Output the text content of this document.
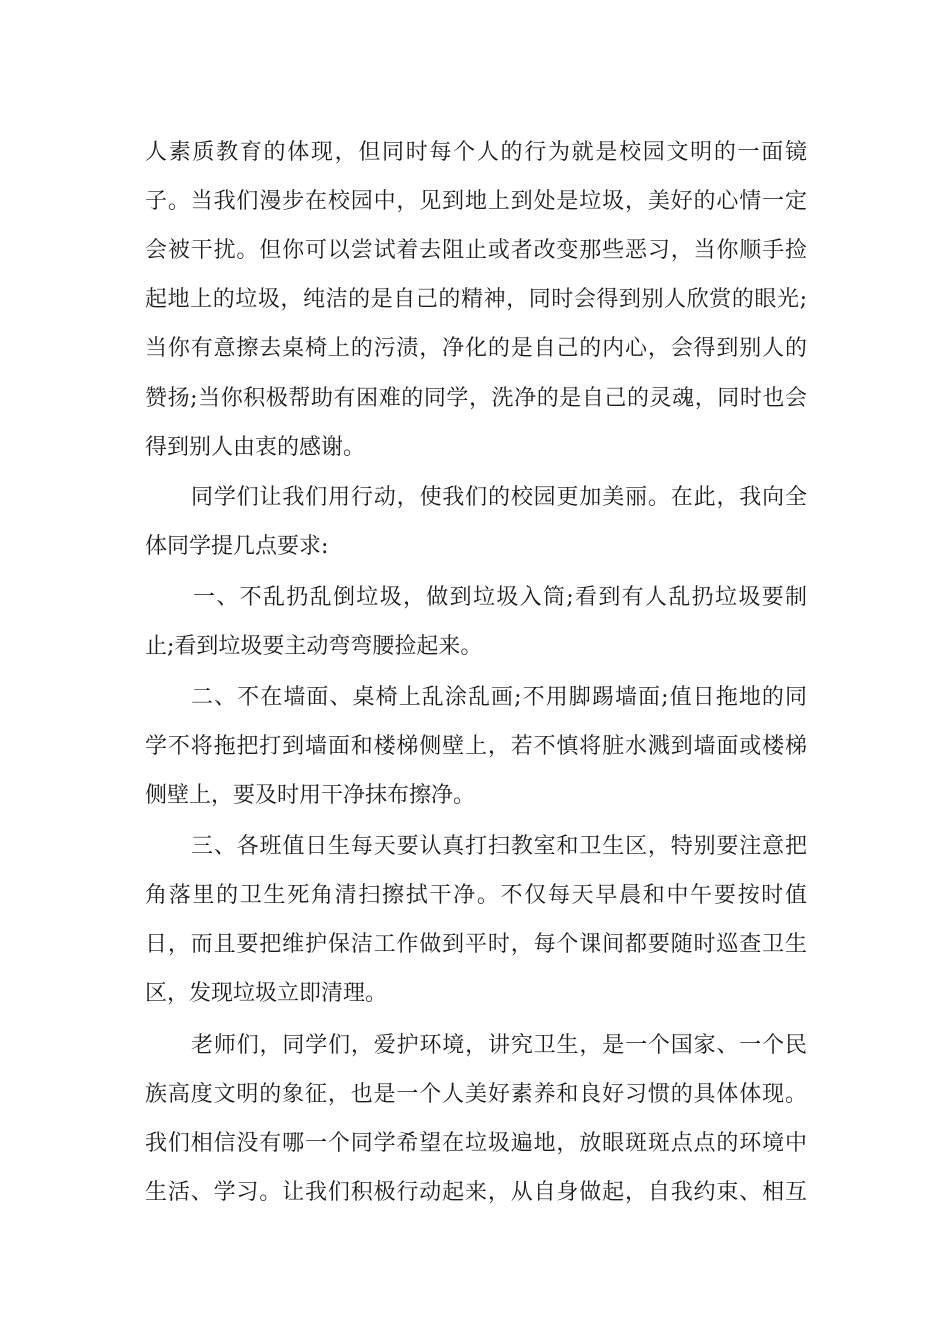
人素质教育的体现，但同时每个人的行为就是校园文明的一面镜
子。当我们漫步在校园中，见到地上到处是垃圾，美好的心情一定
会被干扰。但你可以尝试着去阻止或者改变那些恶习，当你顺手捡
起地上的垃圾，纯洁的是自己的精神，同时会得到别人欣赏的眼光;
当你有意擦去桌椅上的污渍，净化的是自己的内心，会得到别人的
赞扬;当你积极帮助有困难的同学，洗净的是自己的灵魂，同时也会
得到别人由衷的感谢。
同学们让我们用行动，使我们的校园更加美丽。在此，我向全
体同学提几点要求:
一、不乱扔乱倒垃圾，做到垃圾入筒;看到有人乱扔垃圾要制
止;看到垃圾要主动弯弯腰捡起来。
二、不在墙面、桌椅上乱涂乱画;不用脚踢墙面;值日拖地的同
学不将拖把打到墙面和楼梯侧壁上，若不慎将脏水溅到墙面或楼梯
侧壁上，要及时用干净抹布擦净。
三、各班值日生每天要认真打扫教室和卫生区，特别要注意把
角落里的卫生死角清扫擦拭干净。不仅每天早晨和中午要按时值
日，而且要把维护保洁工作做到平时，每个课间都要随时巡查卫生
区，发现垃圾立即清理。
老师们，同学们，爱护环境，讲究卫生，是一个国家、一个民
族高度文明的象征，也是一个人美好素养和良好习惯的具体体现。
我们相信没有哪一个同学希望在垃圾遍地，放眼斑斑点点的环境中
生活、学习。让我们积极行动起来，从自身做起，自我约束、相互
